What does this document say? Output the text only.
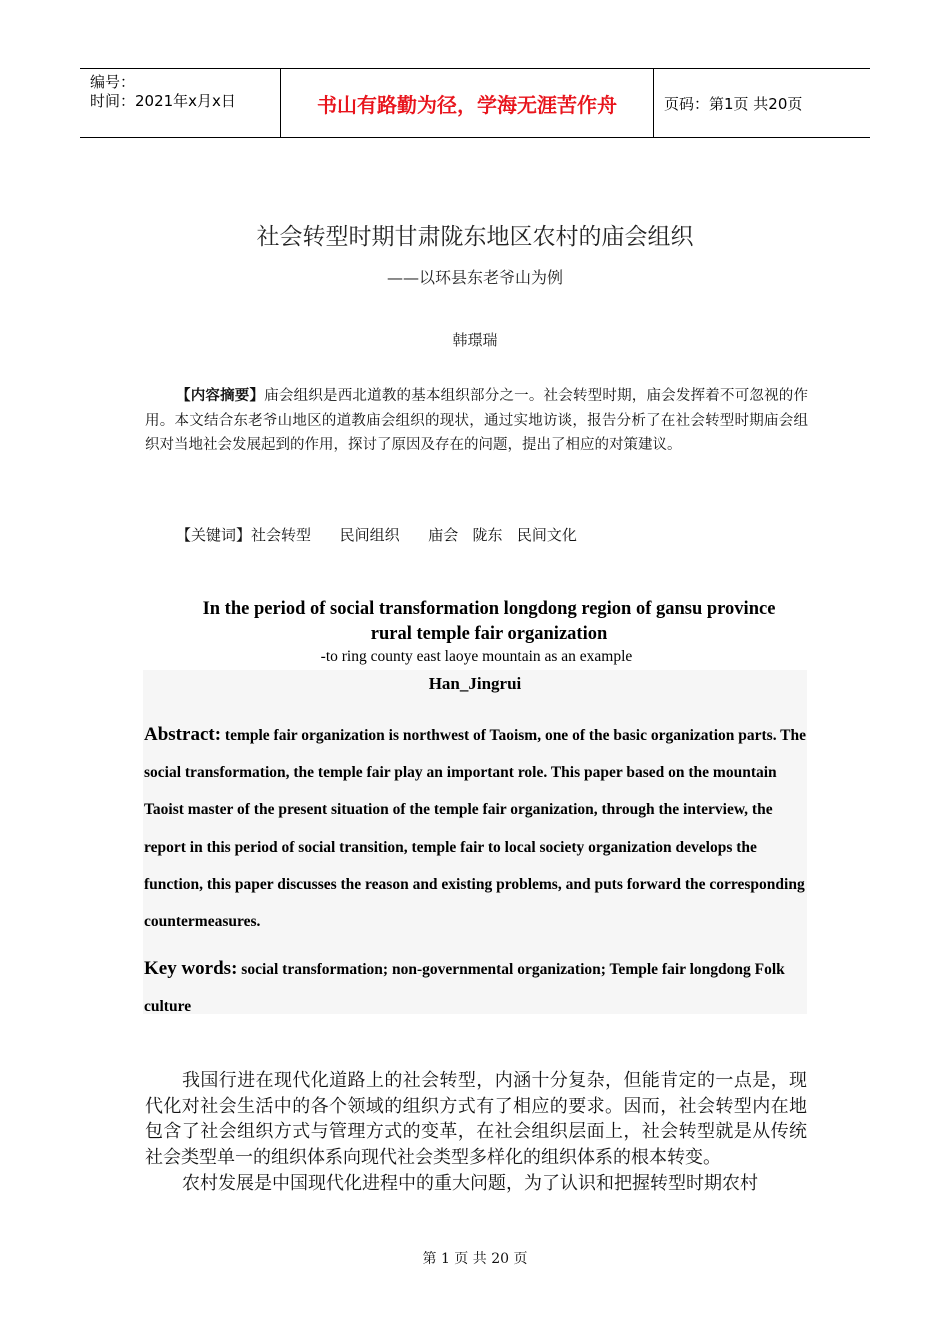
编号：
时间：2021年x月x日	书山有路勤为径，学海无涯苦作舟	页码：第1页 共20页
社会转型时期甘肃陇东地区农村的庙会组织
——以环县东老爷山为例
韩璟瑞
【内容摘要】庙会组织是西北道教的基本组织部分之一。社会转型时期，庙会发挥着不可忽视的作用。本文结合东老爷山地区的道教庙会组织的现状，通过实地访谈，报告分析了在社会转型时期庙会组织对当地社会发展起到的作用，探讨了原因及存在的问题，提出了相应的对策建议。
【关键词】社会转型      民间组织      庙会   陇东   民间文化
In the period of social transformation longdong region of gansu province
rural temple fair organization
-to ring county east laoye mountain as an example
Han_Jingrui
Abstract: temple fair organization is northwest of Taoism, one of the basic organization parts. The social transformation, the temple fair play an important role. This paper based on the mountain Taoist master of the present situation of the temple fair organization, through the interview, the report in this period of social transition, temple fair to local society organization develops the function, this paper discusses the reason and existing problems, and puts forward the corresponding countermeasures.
Key words: social transformation; non-governmental organization; Temple fair longdong Folk culture

我国行进在现代化道路上的社会转型，内涵十分复杂，但能肯定的一点是，现代化对社会生活中的各个领域的组织方式有了相应的要求。因而，社会转型内在地包含了社会组织方式与管理方式的变革，在社会组织层面上，社会转型就是从传统社会类型单一的组织体系向现代社会类型多样化的组织体系的根本转变。

农村发展是中国现代化进程中的重大问题，为了认识和把握转型时期农村

第 1 页 共 20 页
